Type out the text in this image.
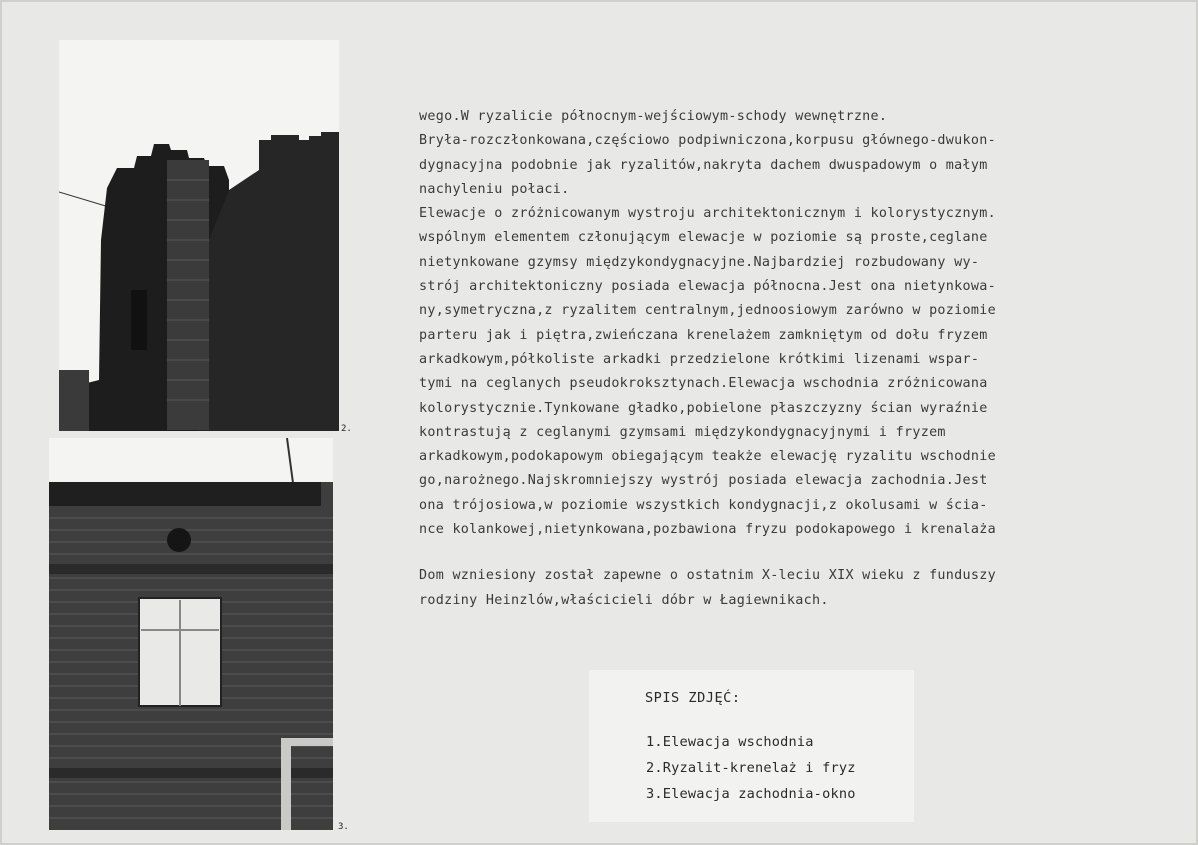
2.
3.
wego.W ryzalicie północnym-wejściowym-schody wewnętrzne.
Bryła-rozczłonkowana,częściowo podpiwniczona,korpusu głównego-dwukon-
dygnacyjna podobnie jak ryzalitów,nakryta dachem dwuspadowym o małym
nachyleniu połaci.
Elewacje o zróżnicowanym wystroju architektonicznym i kolorystycznym.
wspólnym elementem członującym elewacje w poziomie są proste,ceglane
nietynkowane gzymsy międzykondygnacyjne.Najbardziej rozbudowany wy-
strój architektoniczny posiada elewacja północna.Jest ona nietynkowa-
ny,symetryczna,z ryzalitem centralnym,jednoosiowym zarówno w poziomie
parteru jak i piętra,zwieńczana krenelażem zamkniętym od dołu fryzem
arkadkowym,półkoliste arkadki przedzielone krótkimi lizenami wspar-
tymi na ceglanych pseudokroksztynach.Elewacja wschodnia zróżnicowana
kolorystycznie.Tynkowane gładko,pobielone płaszczyzny ścian wyraźnie
kontrastują z ceglanymi gzymsami międzykondygnacyjnymi i fryzem
arkadkowym,podokapowym obiegającym teakże elewację ryzalitu wschodnie
go,narożnego.Najskromniejszy wystrój posiada elewacja zachodnia.Jest
ona trójosiowa,w poziomie wszystkich kondygnacji,z okolusami w ścia-
nce kolankowej,nietynkowana,pozbawiona fryzu podokapowego i krenalaża
Dom wzniesiony został zapewne o ostatnim X-leciu XIX wieku z funduszy
rodziny Heinzlów,właścicieli dóbr w Łagiewnikach.
SPIS ZDJĘĆ:
1.Elewacja wschodnia
2.Ryzalit-krenelaż i fryz
3.Elewacja zachodnia-okno
